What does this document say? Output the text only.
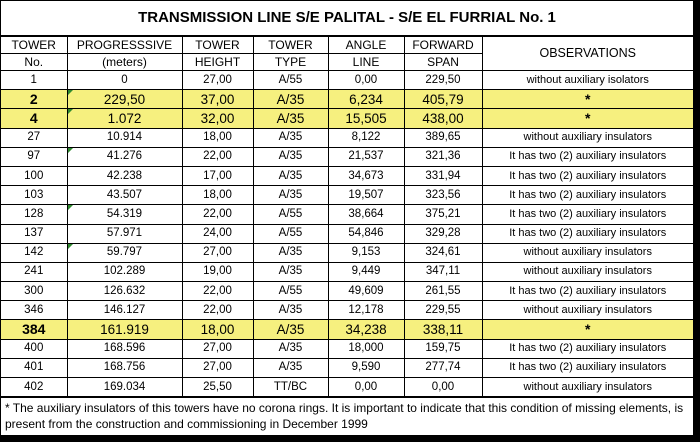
TRANSMISSION LINE S/E PALITAL - S/E EL FURRIAL No. 1
TOWER	PROGRESSSIVE	TOWER	TOWER	ANGLE	FORWARD	OBSERVATIONS
No.	(meters)	HEIGHT	TYPE	LINE	SPAN	
1	0	27,00	A/55	0,00	229,50	without auxiliary isolators
2	229,50	37,00	A/35	6,234	405,79	*
4	1.072	32,00	A/35	15,505	438,00	*
27	10.914	18,00	A/35	8,122	389,65	without auxiliary insulators
97	41.276	22,00	A/35	21,537	321,36	It has two (2) auxiliary insulators
100	42.238	17,00	A/35	34,673	331,94	It has two (2) auxiliary insulators
103	43.507	18,00	A/35	19,507	323,56	It has two (2) auxiliary insulators
128	54.319	22,00	A/55	38,664	375,21	It has two (2) auxiliary insulators
137	57.971	24,00	A/55	54,846	329,28	It has two (2) auxiliary insulators
142	59.797	27,00	A/35	9,153	324,61	without auxiliary insulators
241	102.289	19,00	A/35	9,449	347,11	without auxiliary insulators
300	126.632	22,00	A/55	49,609	261,55	It has two (2) auxiliary insulators
346	146.127	22,00	A/35	12,178	229,55	without auxiliary insulators
384	161.919	18,00	A/35	34,238	338,11	*
400	168.596	27,00	A/35	18,000	159,75	It has two (2) auxiliary insulators
401	168.756	27,00	A/35	9,590	277,74	It has two (2) auxiliary insulators
402	169.034	25,50	TT/BC	0,00	0,00	without auxiliary insulators
* The auxiliary insulators of this towers have no corona rings. It is important to indicate that this condition of missing elements, is present from the construction and commissioning in December 1999
